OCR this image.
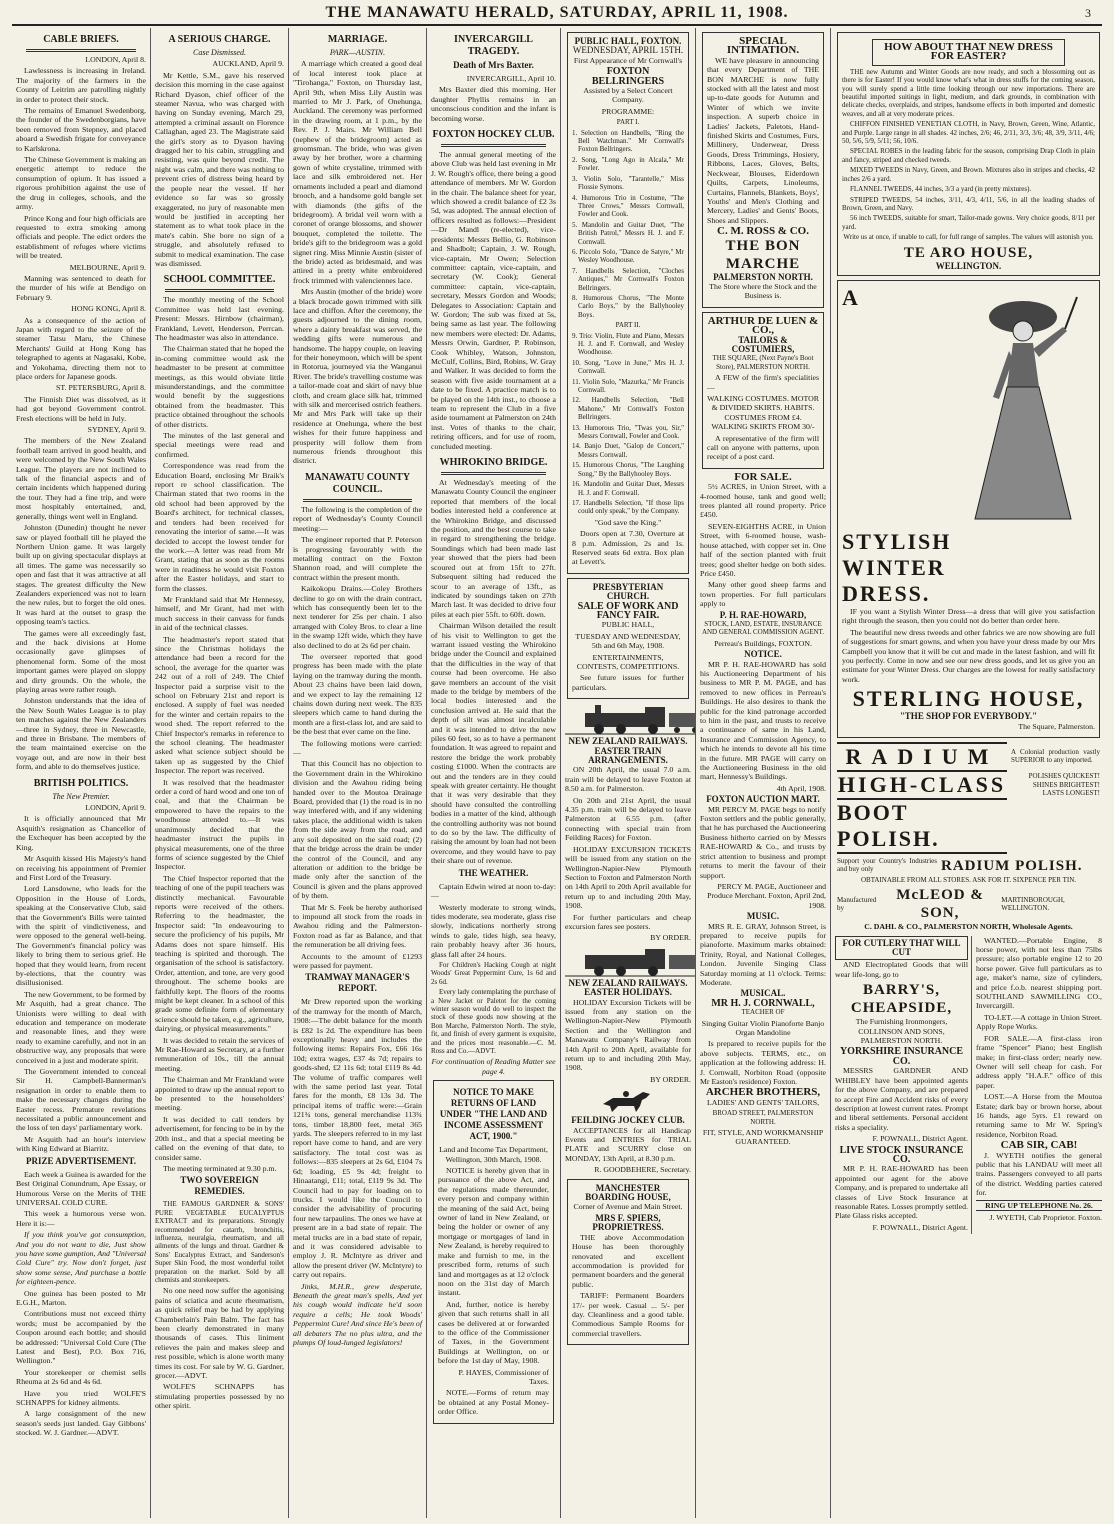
THE MANAWATU HERALD, SATURDAY, APRIL 11, 1908.	3
CABLE BRIEFS.

LONDON, April 8.

Lawlessness is increasing in Ireland. The majority of the farmers in the County of Leitrim are patrolling nightly in order to protect their stock.

The remains of Emanuel Swedenborg, the founder of the Swedenborgians, have been removed from Stepney, and placed aboard a Swedish frigate for conveyance to Karlskrona.

The Chinese Government is making an energetic attempt to reduce the consumption of opium. It has issued a rigorous prohibition against the use of the drug in colleges, schools, and the army.

Prince Kong and four high officials are requested to extra smoking among officials and people. The edict orders the establishment of refuges where victims will be treated.

MELBOURNE, April 9.

Manning was sentenced to death for the murder of his wife at Bendigo on February 9.

HONG KONG, April 8.

As a consequence of the action of Japan with regard to the seizure of the steamer Tatsu Maru, the Chinese Merchants' Guild at Hong Kong has telegraphed to agents at Nagasaki, Kobe, and Yokohama, directing them not to place orders for Japanese goods.

ST. PETERSBURG, April 8.

The Finnish Diet was dissolved, as it had got beyond Government control. Fresh elections will be held in July.

SYDNEY, April 9.

The members of the New Zealand football team arrived in good health, and were welcomed by the New South Wales League. The players are not inclined to talk of the financial aspects and of certain incidents which happened during the tour. They had a fine trip, and were most hospitably entertained, and, generally, things went well in England.

Johnston (Dunedin) thought he never saw or played football till he played the Northern Union game. It was largely built up on giving spectacular displays at all times. The game was necessarily so open and fast that it was attractive at all stages. The greatest difficulty the New Zealanders experienced was not to learn the new rules, but to forget the old ones. It was hard at the outset to grasp the opposing team's tactics.

The games were all exceedingly fast, and the back divisions at Home occasionally gave glimpses of phenomenal form. Some of the most important games were played on sloppy and dirty grounds. On the whole, the playing areas were rather rough.

Johnston understands that the idea of the New South Wales League is to play ten matches against the New Zealanders—three in Sydney, three in Newcastle, and three in Brisbane. The members of the team maintained exercise on the voyage out, and are now in their best form, and able to do themselves justice.

BRITISH POLITICS.
The New Premier.

LONDON, April 9.

It is officially announced that Mr Asquith's resignation as Chancellor of the Exchequer has been accepted by the King.

Mr Asquith kissed His Majesty's hand on receiving his appointment of Premier and First Lord of the Treasury.

Lord Lansdowne, who leads for the Opposition in the House of Lords, speaking at the Conservative Club, said that the Government's Bills were tainted with the spirit of vindictiveness, and were opposed to the general well-being. The Government's financial policy was likely to bring them to serious grief. He hoped that they would learn, from recent by-elections, that the country was disillusionised.

The new Government, to be formed by Mr Asquith, had a great chance. The Unionists were willing to deal with education and temperance on moderate and reasonable lines, and they were ready to examine carefully, and not in an obstructive way, any proposals that were conceived in a just and moderate spirit.

The Government intended to conceal Sir H. Campbell-Bannerman's resignation in order to enable them to make the necessary changes during the Easter recess. Premature revelations necessitated a public announcement and the loss of ten days' parliamentary work.

Mr Asquith had an hour's interview with King Edward at Biarritz.

PRIZE ADVERTISEMENT.

Each week a Guinea is awarded for the Best Original Conundrum, Ape Essay, or Humorous Verse on the Merits of THE UNIVERSAL COLD CURE.

This week a humorous verse won. Here it is:—

If you think you've got consumption, And you do not want to die, Just show you have some gumption, And "Universal Cold Cure" try. Now don't forget, just show some sense, And purchase a bottle for eighteen-pence.

One guinea has been posted to Mr E.G.H., Marton.

Contributions must not exceed thirty words; must be accompanied by the Coupon around each bottle; and should be addressed: "Universal Cold Cure (The Latest and Best), P.O. Box 716, Wellington."

Your storekeeper or chemist sells Rheuma at 2s 6d and 4s 6d.

Have you tried WOLFE'S SCHNAPPS for kidney ailments.

A large consignment of the new season's seeds just landed. Gay Gibbons' stocked. W. J. Gardner.—ADVT.

A SERIOUS CHARGE.
Case Dismissed.

AUCKLAND, April 9.

Mr Kettle, S.M., gave his reserved decision this morning in the case against Richard Dyason, chief officer of the steamer Navua, who was charged with having on Sunday evening, March 29, attempted a criminal assault on Florence Callaghan, aged 23. The Magistrate said the girl's story as to Dyason having dragged her to his cabin, struggling and resisting, was quite beyond credit. The night was calm, and there was nothing to prevent cries of distress being heard by the people near the vessel. If her evidence so far was so grossly exaggerated, no jury of reasonable men would be justified in accepting her statement as to what took place in the mate's cabin. She bore no sign of a struggle, and absolutely refused to submit to medical examination. The case was dismissed.

SCHOOL COMMITTEE.

The monthly meeting of the School Committee was held last evening. Present: Messrs. Hirnbow (chairman), Frankland, Levett, Henderson, Perrcan. The headmaster was also in attendance.

The Chairman stated that he hoped the in-coming committee would ask the headmaster to be present at committee meetings, as this would obviate little misunderstandings, and the committee would benefit by the suggestions obtained from the headmaster. This practice obtained throughout the schools of other districts.

The minutes of the last general and special meetings were read and confirmed.

Correspondence was read from the Education Board, enclosing Mr Braik's report re school classification. The Chairman stated that two rooms in the old school had been approved by the Board's architect, for technical classes, and tenders had been received for renovating the interior of same.—It was decided to accept the lowest tender for the work.—A letter was read from Mr Grant, stating that as soon as the rooms were in readiness he would visit Foxton after the Easter holidays, and start to form the classes.

Mr Frankland said that Mr Hennessy, himself, and Mr Grant, had met with much success in their canvass for funds in aid of the technical classes.

The headmaster's report stated that since the Christmas holidays the attendance had been a record for the school, the average for the quarter was 242 out of a roll of 249. The Chief Inspector paid a surprise visit to the school on February 21st and report is enclosed. A supply of fuel was needed for the winter and certain repairs to the wood shed. The report referred to the Chief Inspector's remarks in reference to the school cleaning. The headmaster asked what science subject should be taken up as suggested by the Chief Inspector. The report was received.

It was resolved that the headmaster order a cord of hard wood and one ton of coal, and that the Chairman be empowered to have the repairs to the woodhouse attended to.—It was unanimously decided that the headmaster instruct the pupils in physical measurements, one of the three forms of science suggested by the Chief Inspector.

The Chief Inspector reported that the teaching of one of the pupil teachers was distinctly mechanical. Favourable reports were received of the others. Referring to the headmaster, the Inspector said: "In endeavouring to secure the proficiency of his pupils, Mr Adams does not spare himself. His teaching is spirited and thorough. The organisation of the school is satisfactory. Order, attention, and tone, are very good throughout. The scheme books are faithfully kept. The floors of the rooms might be kept cleaner. In a school of this grade some definite form of elementary science should be taken, e.g., agriculture, dairying, or physical measurements."

It was decided to retain the services of Mr Rae-Howard as Secretary, at a further remuneration of 10s., till the annual meeting.

The Chairman and Mr Frankland were appointed to draw up the annual report to be presented to the householders' meeting.

It was decided to call tenders by advertisement, for fencing to be in by the 20th inst., and that a special meeting be called on the evening of that date, to consider same.

The meeting terminated at 9.30 p.m.

TWO SOVEREIGN REMEDIES.

THE FAMOUS GARDNER & SONS' PURE VEGETABLE EUCALYPTUS EXTRACT and its preparations. Strongly recommended for catarrh, bronchitis, influenza, neuralgia, rheumatism, and all ailments of the lungs and throat. Gardner & Sons' Eucalyptus Extract, and Sanderson's Super Skin Food, the most wonderful toilet preparation on the market. Sold by all chemists and storekeepers.

No one need now suffer the agonising pains of sciatica and acute rheumatism, as quick relief may be had by applying Chamberlain's Pain Balm. The fact has been clearly demonstrated in many thousands of cases. This liniment relieves the pain and makes sleep and rest possible, which is alone worth many times its cost. For sale by W. G. Gardner, grocer.—ADVT.

WOLFE'S SCHNAPPS has stimulating properties possessed by no other spirit.

MARRIAGE.
PARK—AUSTIN.

A marriage which created a good deal of local interest took place at "Tirohanga," Foxton, on Thursday last, April 9th, when Miss Lily Austin was married to Mr J. Park, of Onehunga, Auckland. The ceremony was performed in the drawing room, at 1 p.m., by the Rev. P. J. Mairs. Mr William Bell (nephew of the bridegroom) acted as groomsman. The bride, who was given away by her brother, wore a charming gown of white crystaline, trimmed with lace and silk embroidered net. Her ornaments included a pearl and diamond brooch, and a handsome gold bangle set with diamonds (the gifts of the bridegroom). A bridal veil worn with a coronet of orange blossoms, and shower bouquet, completed the toilette. The bride's gift to the bridegroom was a gold signet ring. Miss Minnie Austin (sister of the bride) acted as bridesmaid, and was attired in a pretty white embroidered frock trimmed with valenciennes lace.

Mrs Austin (mother of the bride) wore a black brocade gown trimmed with silk lace and chiffon. After the ceremony, the guests adjourned to the dining room, where a dainty breakfast was served, the wedding gifts were numerous and handsome. The happy couple, on leaving for their honeymoon, which will be spent in Rotorua, journeyed via the Wanganui River. The bride's travelling costume was a tailor-made coat and skirt of navy blue cloth, and cream glace silk hat, trimmed with silk and mercerised ostrich feathers. Mr and Mrs Park will take up their residence at Onehunga, where the best wishes for their future happiness and prosperity will follow them from numerous friends throughout this district.

MANAWATU COUNTY COUNCIL.

The following is the completion of the report of Wednesday's County Council meeting:—

The engineer reported that P. Peterson is progressing favourably with the metalling contract on the Foxton Shannon road, and will complete the contract within the present month.

Kaikokopu Drains.—Coley Brothers decline to go on with the drain contract, which has consequently been let to the next tenderer for 25s per chain. I also arranged with Coley Bros. to clear a line in the swamp 12ft wide, which they have also declined to do at 2s 6d per chain.

The overseer reported that good progress has been made with the plate laying on the tramway during the month. About 23 chains have been laid down, and we expect to lay the remaining 12 chains down during next week. The 835 sleepers which came to hand during the month are a first-class lot, and are said to be the best that ever came on the line.

The following motions were carried:—

That this Council has no objection to the Government drain in the Whirokino division and the Awahou riding being handed over to the Moutoa Drainage Board, provided that (1) the road is in no way interfered with, and if any widening takes place, the additional width is taken from the side away from the road, and any soil deposited on the said road; (2) that the bridge across the drain be under the control of the Council, and any alteration or addition to the bridge be made only after the sanction of the Council is given and the plans approved of by them.

That Mr S. Feek be hereby authorised to impound all stock from the roads in Awahou riding and the Palmerston-Foxton road as far as Balance, and that the remuneration be all driving fees.

Accounts to the amount of £1293 were passed for payment.

TRAMWAY MANAGER'S REPORT.

Mr Drew reported upon the working of the tramway for the month of March, 1908:—The debit balance for the month is £82 1s 2d. The expenditure has been exceptionally heavy and includes the following items: Repairs Fox, £66 16s 10d; extra wages, £37 4s 7d; repairs to goods-shed, £2 11s 6d; total £119 8s 4d. The volume of traffic compares well with the same period last year. Total fares for the month, £8 13s 3d. The principal items of traffic were:—Grain 121¾ tons, general merchandise 113¾ tons, timber 18,800 feet, metal 365 yards. The sleepers referred to in my last report have come to hand, and are very satisfactory. The total cost was as follows:—835 sleepers at 2s 6d, £104 7s 6d; loading, £5 9s 4d; freight to Hinaatangi, £11; total, £119 9s 3d. The Council had to pay for loading on to trucks. I would like the Council to consider the advisability of procuring four new tarpaulins. The ones we have at present are in a bad state of repair. The metal trucks are in a bad state of repair, and it was considered advisable to employ J. R. McIntyre as driver and allow the present driver (W. McIntyre) to carry out repairs.

Jinks, M.H.R., grew desperate, Beneath the great man's spells, And yet his cough would indicate he'd soon require a cells; He took Woods' Peppermint Cure! And since He's been of all debaters The no plus ultra, and the plumps Of loud-lunged legislators!

INVERCARGILL TRAGEDY.
Death of Mrs Baxter.

INVERCARGILL, April 10.

Mrs Baxter died this morning. Her daughter Phyllis remains in an unconscious condition and the infant is becoming worse.

FOXTON HOCKEY CLUB.

The annual general meeting of the above Club was held last evening in Mr J. W. Rough's office, there being a good attendance of members. Mr W. Gordon in the chair. The balance sheet for year, which showed a credit balance of £2 3s 5d, was adopted. The annual election of officers resulted as follows:—President—Dr Mandl (re-elected), vice-presidents: Messrs Bellio, G. Robinson and Shadbolt; Captain, J. W. Rough, vice-captain, Mr Owen; Selection committee: captain, vice-captain, and secretary (W. Cook); General committee: captain, vice-captain, secretary, Messrs Gordon and Woods; Delegates to Association: Captain and W. Gordon; The sub was fixed at 5s, being same as last year. The following new members were elected: Dr. Adams, Messrs Orwin, Gardner, P. Robinson, Cook Whibley, Watson, Johnston, McCulf, Collins, Bird, Robins, W. Gray and Walker. It was decided to form the season with five aside tournament at a date to be fixed. A practice match is to be played on the 14th inst., to choose a team to represent the Club in a five aside tournament at Palmerston on 24th inst. Votes of thanks to the chair, retiring officers, and for use of room, concluded meeting.

WHIROKINO BRIDGE.

At Wednesday's meeting of the Manawatu County Council the engineer reported that members of the local bodies interested held a conference at the Whirokino Bridge, and discussed the position, and the best course to take in regard to strengthening the bridge. Soundings which had been made last year showed that the piers had been scoured out at from 15ft to 27ft. Subsequent silting had reduced the scour to an average of 13ft., as indicated by soundings taken on 27th March last. It was decided to drive four piles at each pier 55ft. to 60ft. down.

Chairman Wilson detailed the result of his visit to Wellington to get the warrant issued vesting the Whirokino bridge under the Council and explained that the difficulties in the way of that course had been overcome. He also gave members an account of the visit made to the bridge by members of the local bodies interested and the conclusion arrived at. He said that the depth of silt was almost incalculable and it was intended to drive the new piles 60 feet, so as to have a permanent foundation. It was agreed to repaint and restore the bridge the work probably costing £1000. When the contracts are out and the tenders are in they could speak with greater certainty. He thought that it was very desirable that they should have consulted the controlling bodies in a matter of the kind, although the controlling authority was not bound to do so by the law. The difficulty of raising the amount by loan had not been overcome, and they would have to pay their share out of revenue.

THE WEATHER.

Captain Edwin wired at noon to-day:—

Westerly moderate to strong winds, tides moderate, sea moderate, glass rise slowly, indications northerly strong winds to gale, tides high, sea heavy, rain probably heavy after 36 hours, glass fall after 24 hours.

For Children's Hacking Cough at night Woods' Great Peppermint Cure, 1s 6d and 2s 6d.

Every lady contemplating the purchase of a New Jacket or Paletot for the coming winter season would do well to inspect the stock of these goods now showing at the Bon Marche, Palmerston North. The style, fit, and finish of every garment is exquisite, and the prices most reasonable.—C. M. Ross and Co.—ADVT.

For continuation of Reading Matter see page 4.

NOTICE TO MAKE RETURNS OF LAND UNDER "THE LAND AND INCOME ASSESSMENT ACT, 1900."

Land and Income Tax Department, Wellington, 30th March, 1908.

NOTICE is hereby given that in pursuance of the above Act, and the regulations made thereunder, every person and company within the meaning of the said Act, being owner of land in New Zealand, or being the holder or owner of any mortgage or mortgages of land in New Zealand, is hereby required to make and furnish to me, in the prescribed form, returns of such land and mortgages as at 12 o'clock noon on the 31st day of March instant.

And, further, notice is hereby given that such returns shall in all cases be delivered at or forwarded to the office of the Commissioner of Taxes, in the Government Buildings at Wellington, on or before the 1st day of May, 1908.

P. HAYES, Commissioner of Taxes.

NOTE.—Forms of return may be obtained at any Postal Money-order Office.

PUBLIC HALL, FOXTON.
WEDNESDAY, APRIL 15TH.

First Appearance of Mr Cornwall's

FOXTON BELLRINGERS

Assisted by a Select Concert Company.

PROGRAMME:

PART I.

1. Selection on Handbells, "Ring the Bell Watchman." Mr Cornwall's Foxton Bellringers.

2. Song, "Long Ago in Alcala," Mr Fowler.

3. Violin Solo, "Tarantelle," Miss Flossie Symons.

4. Humorous Trio in Costume, "The Three Crows," Messrs Cornwall, Fowler and Cook.

5. Mandolin and Guitar Duet, "The British Patrol," Messrs H. J. and F. Cornwall.

6. Piccolo Solo, "Dance de Satyre," Mr Wesley Woodhouse.

7. Handbells Selection, "Cloches Antiques," Mr Cornwall's Foxton Bellringers.

8. Humorous Chorus, "The Monte Carlo Boys," by the Ballyhooley Boys.

PART II.

9. Trio: Violin, Flute and Piano, Messrs H. J. and F. Cornwall, and Wesley Woodhouse.

10. Song, "Love in June," Mrs H. J. Cornwall.

11. Violin Solo, "Mazurka," Mr Francis Cornwall.

12. Handbells Selection, "Bell Mahone," Mr Cornwall's Foxton Bellringers.

13. Humorous Trio, "Twas you, Sir," Messrs Cornwall, Fowler and Cook.

14. Banjo Duet, "Galop de Concert," Messrs Cornwall.

15. Humorous Chorus, "The Laughing Song," By the Ballyhooley Boys.

16. Mandolin and Guitar Duet, Messrs H. J. and F. Cornwall.

17. Handbells Selection, "If those lips could only speak," by the Company.

"God save the King."

Doors open at 7.30, Overture at 8 p.m. Admission, 2s and 1s. Reserved seats 6d extra. Box plan at Levett's.

PRESBYTERIAN CHURCH.
SALE OF WORK AND FANCY FAIR.

PUBLIC HALL,

TUESDAY AND WEDNESDAY, 5th and 6th May, 1908.

ENTERTAINMENTS, CONTESTS, COMPETITIONS.

See future issues for further particulars.

NEW ZEALAND RAILWAYS.
EASTER TRAIN ARRANGEMENTS.

ON 20th April, the usual 7.0 a.m. train will be delayed to leave Foxton at 8.50 a.m. for Palmerston.

On 20th and 21st April, the usual 4.35 p.m. train will be delayed to leave Palmerston at 6.55 p.m. (after connecting with special train from Feilding Races) for Foxton.

HOLIDAY EXCURSION TICKETS will be issued from any station on the Wellington-Napier-New Plymouth Section to Foxton and Palmerston North on 14th April to 20th April available for return up to and including 20th May, 1908.

For further particulars and cheap excursion fares see posters.

BY ORDER.

NEW ZEALAND RAILWAYS.
EASTER HOLIDAYS.

HOLIDAY Excursion Tickets will be issued from any station on the Wellington-Napier-New Plymouth Section and the Wellington and Manawatu Company's Railway from 14th April to 20th April, available for return up to and including 20th May, 1908.

BY ORDER.

FEILDING JOCKEY CLUB.

ACCEPTANCES for all Handicap Events and ENTRIES for TRIAL PLATE and SCURRY close on MONDAY, 13th April, at 8.30 p.m.

R. GOODBEHERE, Secretary.

MANCHESTER BOARDING HOUSE,

Corner of Avenue and Main Street.

MRS F. SPIERS, PROPRIETRESS.

THE above Accommodation House has been thoroughly renovated and excellent accommodation is provided for permanent boarders and the general public.

TARIFF: Permanent Boarders 17/- per week. Casual ... 5/- per day. Cleanliness and a good table. Commodious Sample Rooms for commercial travellers.

SPECIAL INTIMATION.

WE have pleasure in announcing that every Department of THE BON MARCHE is now fully stocked with all the latest and most up-to-date goods for Autumn and Winter of which we invite inspection. A superb choice in Ladies' Jackets, Paletots, Hand-finished Skirts and Costumes, Furs, Millinery, Underwear, Dress Goods, Dress Trimmings, Hosiery, Ribbons, Laces, Gloves, Belts, Neckwear, Blouses, Eiderdown Quilts, Carpets, Linoleums, Curtains, Flannels, Blankets, Boys', Youths' and Men's Clothing and Mercery, Ladies' and Gents' Boots, Shoes and Slippers.

C. M. ROSS & CO.
THE BON MARCHE
PALMERSTON NORTH.

The Store where the Stock and the Business is.

ARTHUR DE LUEN & CO.,
TAILORS & COSTUMIERS,

THE SQUARE, (Next Payne's Boot Store), PALMERSTON NORTH.

A FEW of the firm's specialities—

WALKING COSTUMES. MOTOR & DIVIDED SKIRTS. HABITS. COSTUMES FROM £4. WALKING SKIRTS FROM 30/-

A representative of the firm will call on anyone with patterns, upon receipt of a post card.

FOR SALE.

5½ ACRES, in Union Street, with a 4-roomed house, tank and good well; trees planted all round property. Price £450.

SEVEN-EIGHTHS ACRE, in Union Street, with 6-roomed house, wash-house attached, with copper set in. One half of the section planted with fruit trees; good shelter hedge on both sides. Price £450.

Many other good sheep farms and town properties. For full particulars apply to

P. H. RAE-HOWARD,

STOCK, LAND, ESTATE, INSURANCE AND GENERAL COMMISSION AGENT.

Perreau's Buildings, FOXTON.

NOTICE.

MR P. H. RAE-HOWARD has sold his Auctioneering Department of his business to MR P. M. PAGE, and has removed to new offices in Perreau's Buildings. He also desires to thank the public for the kind patronage accorded to him in the past, and trusts to receive a continuance of same in his Land, Insurance and Commission Agency, to which he intends to devote all his time in the future. MR PAGE will carry on the Auctioneering Business in the old mart, Hennessy's Buildings.

4th April, 1908.

FOXTON AUCTION MART.

MR PERCY M. PAGE begs to notify Foxton settlers and the public generally, that he has purchased the Auctioneering Business hitherto carried on by Messrs RAE-HOWARD & Co., and trusts by strict attention to business and prompt returns to merit the favour of their support.

PERCY M. PAGE, Auctioneer and Produce Merchant. Foxton, April 2nd, 1908.

MUSIC.

MRS R. E. GRAY, Johnson Street, is prepared to receive pupils for pianoforte. Maximum marks obtained: Trinity, Royal, and National Colleges, London. Juvenile Singing Class Saturday morning at 11 o'clock. Terms: Moderate.

MUSICAL.
MR H. J. CORNWALL,

TEACHER OF

Singing Guitar Violin Pianoforte Banjo Organ Mandoline

Is prepared to receive pupils for the above subjects. TERMS, etc., on application at the following address: H. J. Cornwall, Norbiton Road (opposite Mr Easton's residence) Foxton.

ARCHER BROTHERS,

LADIES' AND GENTS' TAILORS,

BROAD STREET, PALMERSTON NORTH.

FIT, STYLE, AND WORKMANSHIP GUARANTEED.

HOW ABOUT THAT NEW DRESS FOR EASTER?

THE new Autumn and Winter Goods are now ready, and such a blossoming out as there is for Easter! If you would know what's what in dress stuffs for the coming season, you will surely spend a little time looking through our new importations. There are beautiful imported suitings in light, medium, and dark grounds, in combination with delicate checks, overplaids, and stripes, handsome effects in both imported and domestic weaves, and all at very moderate prices.

CHIFFON FINISHED VENETIAN CLOTH, in Navy, Brown, Green, Wine, Atlantic, and Purple. Large range in all shades. 42 inches, 2/6; 46, 2/11, 3/3, 3/6; 48, 3/9, 3/11, 4/6; 50, 5/6, 5/9, 5/11; 56, 10/6.

SPECIAL ROBES in the leading fabric for the season, comprising Drap Cloth in plain and fancy, striped and checked tweeds.

MIXED TWEEDS in Navy, Green, and Brown. Mixtures also in stripes and checks, 42 inches 2/6 a yard.

FLANNEL TWEEDS, 44 inches, 3/3 a yard (in pretty mixtures).

STRIPED TWEEDS, 54 inches, 3/11, 4/3, 4/11, 5/6, in all the leading shades of Brown, Green, and Navy.

56 inch TWEEDS, suitable for smart, Tailor-made gowns. Very choice goods, 8/11 per yard.

Write us at once, if unable to call, for full range of samples. The values will astonish you.

TE ARO HOUSE,
WELLINGTON.
A STYLISH
WINTER
DRESS.

IF you want a Stylish Winter Dress—a dress that will give you satisfaction right through the season, then you could not do better than order here.

The beautiful new dress tweeds and other fabrics we are now showing are full of suggestions for smart gowns, and when you have your dress made by our Mrs Campbell you know that it will be cut and made in the latest fashion, and will fit you perfectly. Come in now and see our new dress goods, and let us give you an estimate for your Winter Dress. Our charges are the lowest for really satisfactory work.

STERLING HOUSE,
"THE SHOP FOR EVERYBODY."

The Square, Palmerston.

RADIUM	A Colonial production vastly SUPERIOR to any imported.

HIGH-CLASS	POLISHES QUICKEST! SHINES BRIGHTEST! LASTS LONGEST!

BOOT POLISH.

Support your Country's Industries and buy only	RADIUM POLISH.

OBTAINABLE FROM ALL STORES. ASK FOR IT. SIXPENCE PER TIN.

Manufactured by
McLEOD & SON,
MARTINBOROUGH, WELLINGTON.

C. DAHL & CO., PALMERSTON NORTH, Wholesale Agents.

FOR CUTLERY THAT WILL CUT

AND Electroplated Goods that will wear life-long, go to

BARRY'S, CHEAPSIDE,

The Furnishing Ironmongers, COLLINSON AND SONS, PALMERSTON NORTH.

YORKSHIRE INSURANCE CO.

MESSRS GARDNER AND WHIBLEY have been appointed agents for the above Company, and are prepared to accept Fire and Accident risks of every description at lowest current rates. Prompt and liberal settlements. Personal accident risks a speciality.

F. POWNALL, District Agent.

LIVE STOCK INSURANCE CO.

MR P. H. RAE-HOWARD has been appointed our agent for the above Company, and is prepared to undertake all classes of Live Stock Insurance at reasonable Rates. Losses promptly settled. Plate Glass risks accepted.

F. POWNALL, District Agent.

WANTED.—Portable Engine, 8 horse power, with not less than 75lbs pressure; also portable engine 12 to 20 horse power. Give full particulars as to age, maker's name, size of cylinders, and price f.o.b. nearest shipping port. SOUTHLAND SAWMILLING CO., Invercargill.

TO-LET.—A cottage in Union Street. Apply Rope Works.

FOR SALE.—A first-class iron frame "Spencer" Piano; best English make; in first-class order; nearly new. Owner will sell cheap for cash. For address apply "H.A.F." office of this paper.

LOST.—A Horse from the Moutoa Estate; dark bay or brown horse, about 16 hands, age 5yrs. £1 reward on returning same to Mr W. Spring's residence, Norbiton Road.

CAB SIR, CAB!

J. WYETH notifies the general public that his LANDAU will meet all trains. Passengers conveyed to all parts of the district. Wedding parties catered for.

RING UP TELEPHONE No. 26.

J. WYETH, Cab Proprietor. Foxton.
